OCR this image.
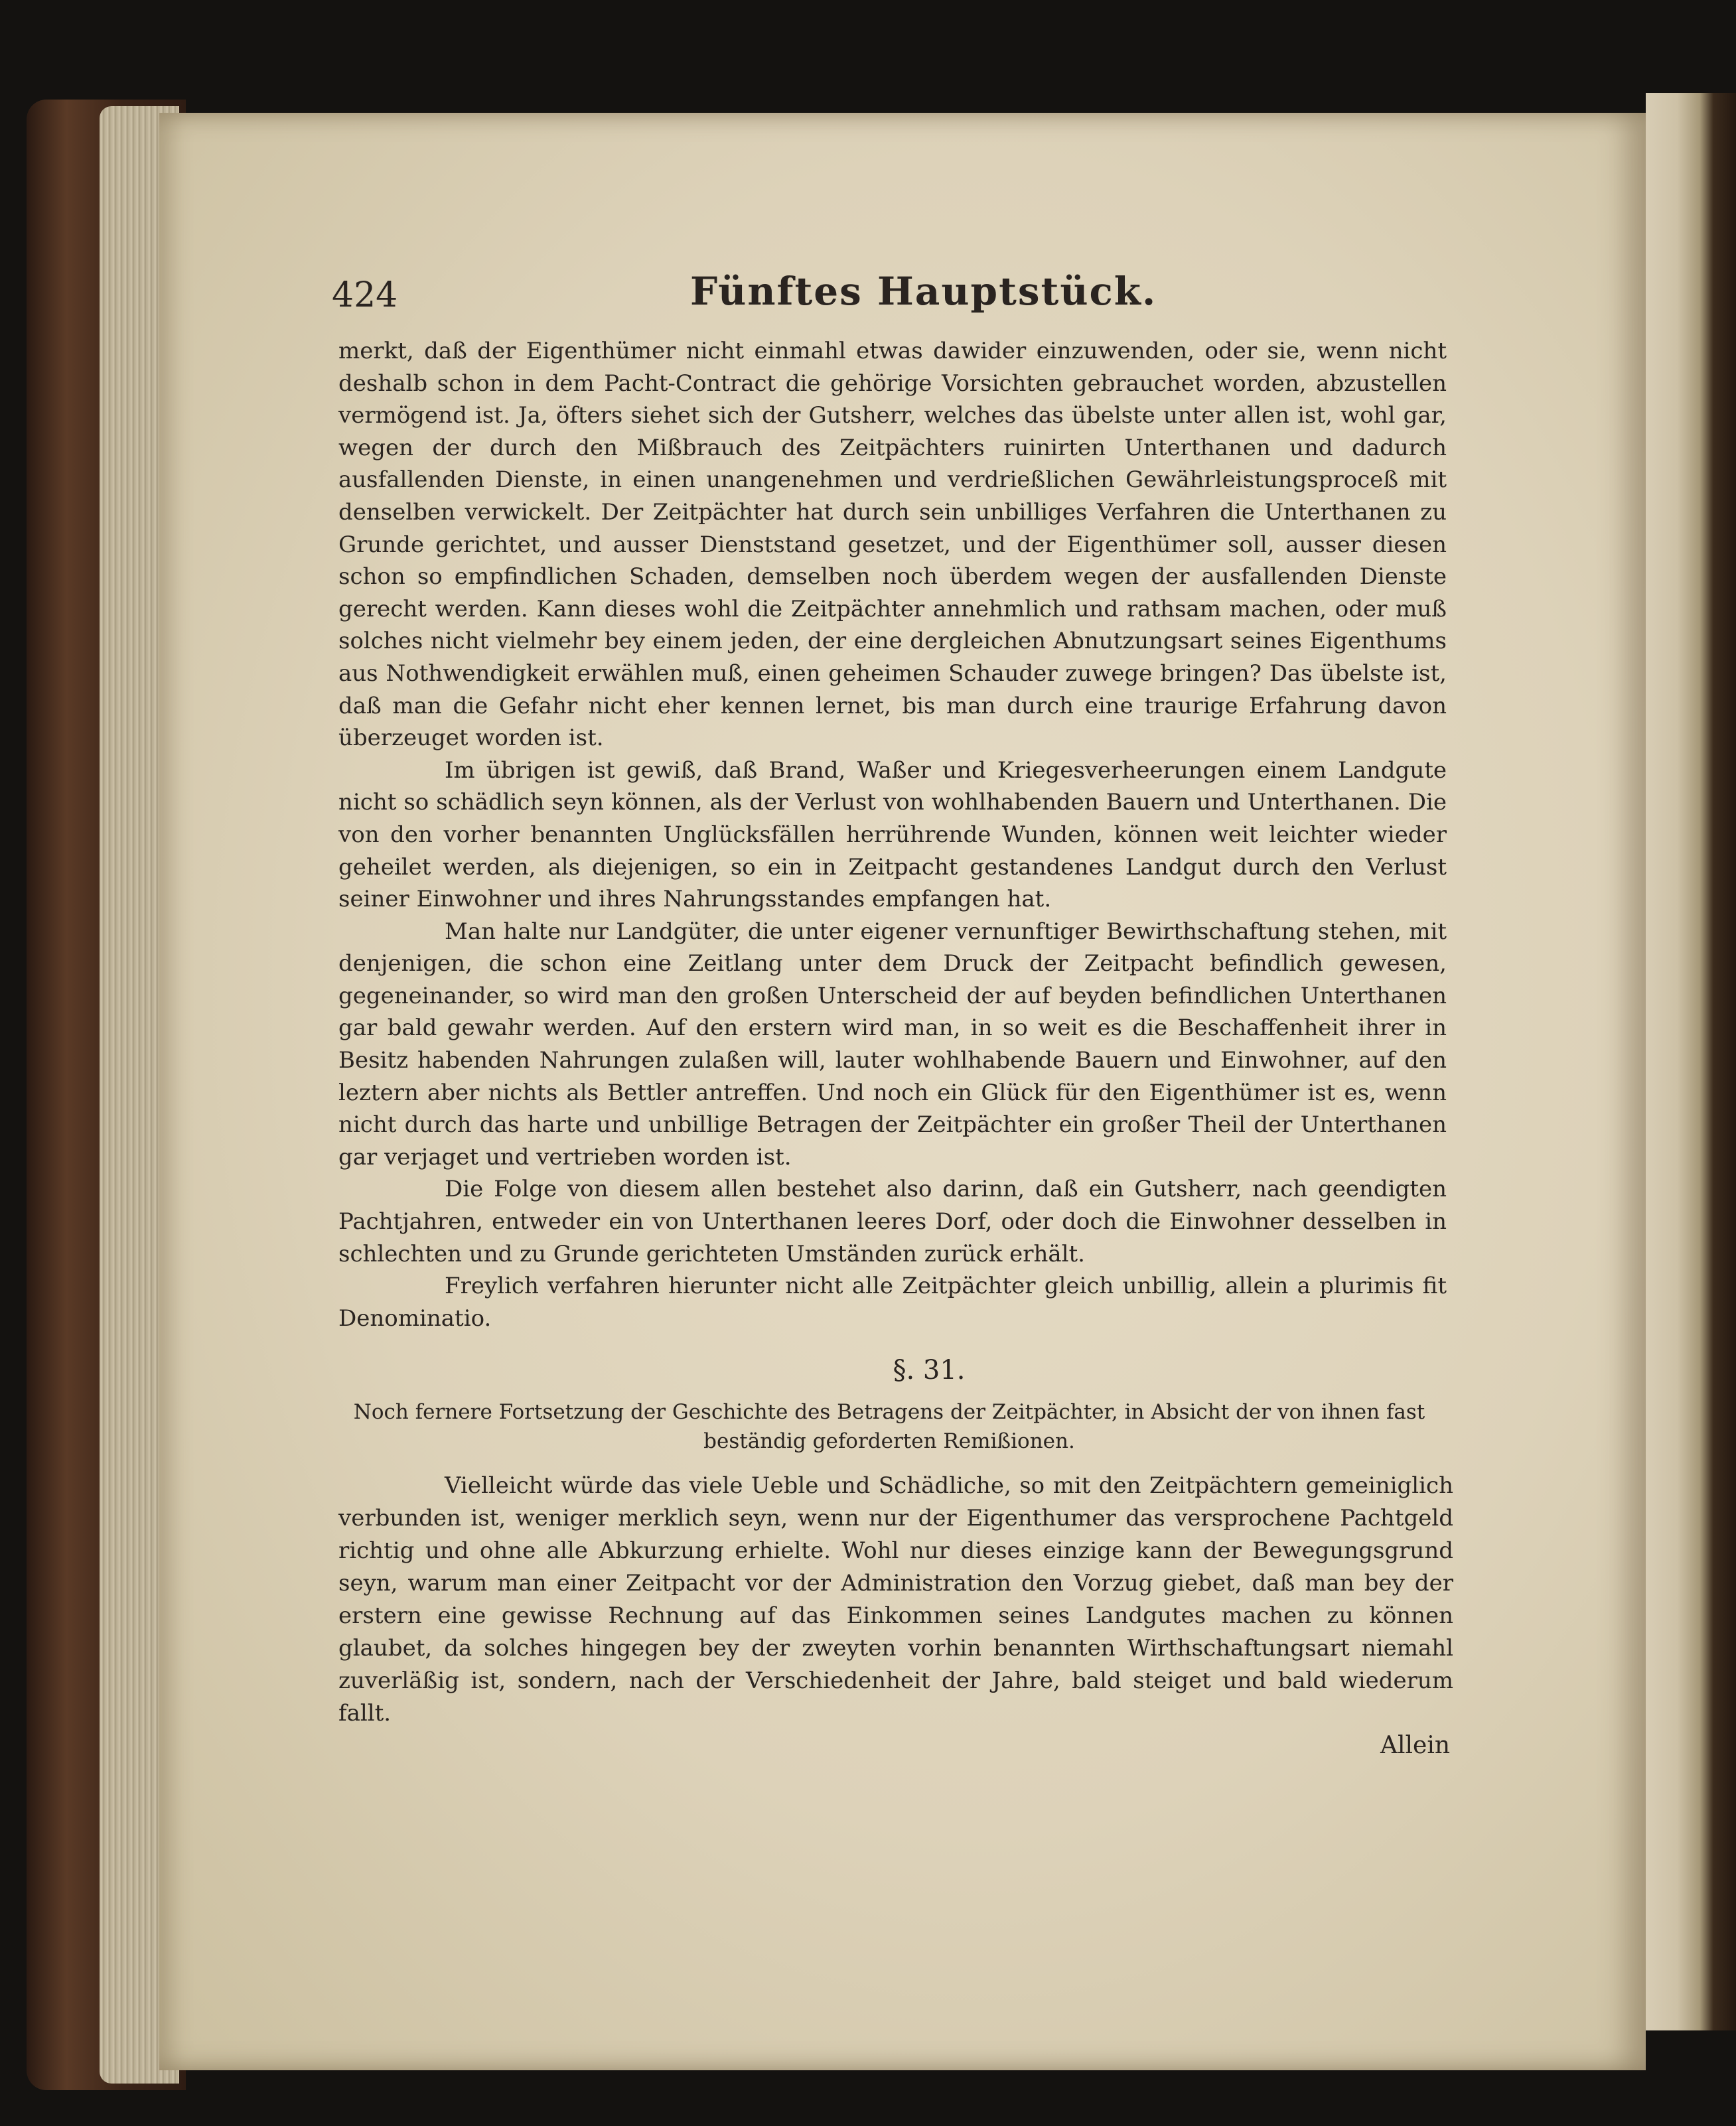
424	Fünftes Hauptstück.

merkt, daß der Eigenthümer nicht einmahl etwas dawider einzuwenden, oder sie, wenn nicht deshalb schon in dem Pacht-Contract die gehörige Vorsichten gebrauchet worden, abzustellen vermögend ist. Ja, öfters siehet sich der Gutsherr, welches das übelste unter allen ist, wohl gar, wegen der durch den Mißbrauch des Zeitpächters ruinirten Unterthanen und dadurch ausfallenden Dienste, in einen unangenehmen und verdrießlichen Gewährleistungsproceß mit denselben verwickelt. Der Zeitpächter hat durch sein unbilliges Verfahren die Unterthanen zu Grunde gerichtet, und ausser Dienststand gesetzet, und der Eigenthümer soll, ausser diesen schon so empfindlichen Schaden, demselben noch überdem wegen der ausfallenden Dienste gerecht werden. Kann dieses wohl die Zeitpächter annehmlich und rathsam machen, oder muß solches nicht vielmehr bey einem jeden, der eine dergleichen Abnutzungsart seines Eigenthums aus Nothwendigkeit erwählen muß, einen geheimen Schauder zuwege bringen? Das übelste ist, daß man die Gefahr nicht eher kennen lernet, bis man durch eine traurige Erfahrung davon überzeuget worden ist.

Im übrigen ist gewiß, daß Brand, Waßer und Kriegesverheerungen einem Landgute nicht so schädlich seyn können, als der Verlust von wohlhabenden Bauern und Unterthanen. Die von den vorher benannten Unglücksfällen herrührende Wunden, können weit leichter wieder geheilet werden, als diejenigen, so ein in Zeitpacht gestandenes Landgut durch den Verlust seiner Einwohner und ihres Nahrungsstandes empfangen hat.

Man halte nur Landgüter, die unter eigener vernunftiger Bewirthschaftung stehen, mit denjenigen, die schon eine Zeitlang unter dem Druck der Zeitpacht befindlich gewesen, gegeneinander, so wird man den großen Unterscheid der auf beyden befindlichen Unterthanen gar bald gewahr werden. Auf den erstern wird man, in so weit es die Beschaffenheit ihrer in Besitz habenden Nahrungen zulaßen will, lauter wohlhabende Bauern und Einwohner, auf den leztern aber nichts als Bettler antreffen. Und noch ein Glück für den Eigenthümer ist es, wenn nicht durch das harte und unbillige Betragen der Zeitpächter ein großer Theil der Unterthanen gar verjaget und vertrieben worden ist.

Die Folge von diesem allen bestehet also darinn, daß ein Gutsherr, nach geendigten Pachtjahren, entweder ein von Unterthanen leeres Dorf, oder doch die Einwohner desselben in schlechten und zu Grunde gerichteten Umständen zurück erhält.

Freylich verfahren hierunter nicht alle Zeitpächter gleich unbillig, allein a plurimis fit Denominatio.

§. 31.
Noch fernere Fortsetzung der Geschichte des Betragens der Zeitpächter, in Absicht der von ihnen fast beständig geforderten Remißionen.

Vielleicht würde das viele Ueble und Schädliche, so mit den Zeitpächtern gemeiniglich verbunden ist, weniger merklich seyn, wenn nur der Eigenthumer das versprochene Pachtgeld richtig und ohne alle Abkurzung erhielte. Wohl nur dieses einzige kann der Bewegungsgrund seyn, warum man einer Zeitpacht vor der Administration den Vorzug giebet, daß man bey der erstern eine gewisse Rechnung auf das Einkommen seines Landgutes machen zu können glaubet, da solches hingegen bey der zweyten vorhin benannten Wirthschaftungsart niemahl zuverläßig ist, sondern, nach der Verschiedenheit der Jahre, bald steiget und bald wiederum fallt.

Allein
